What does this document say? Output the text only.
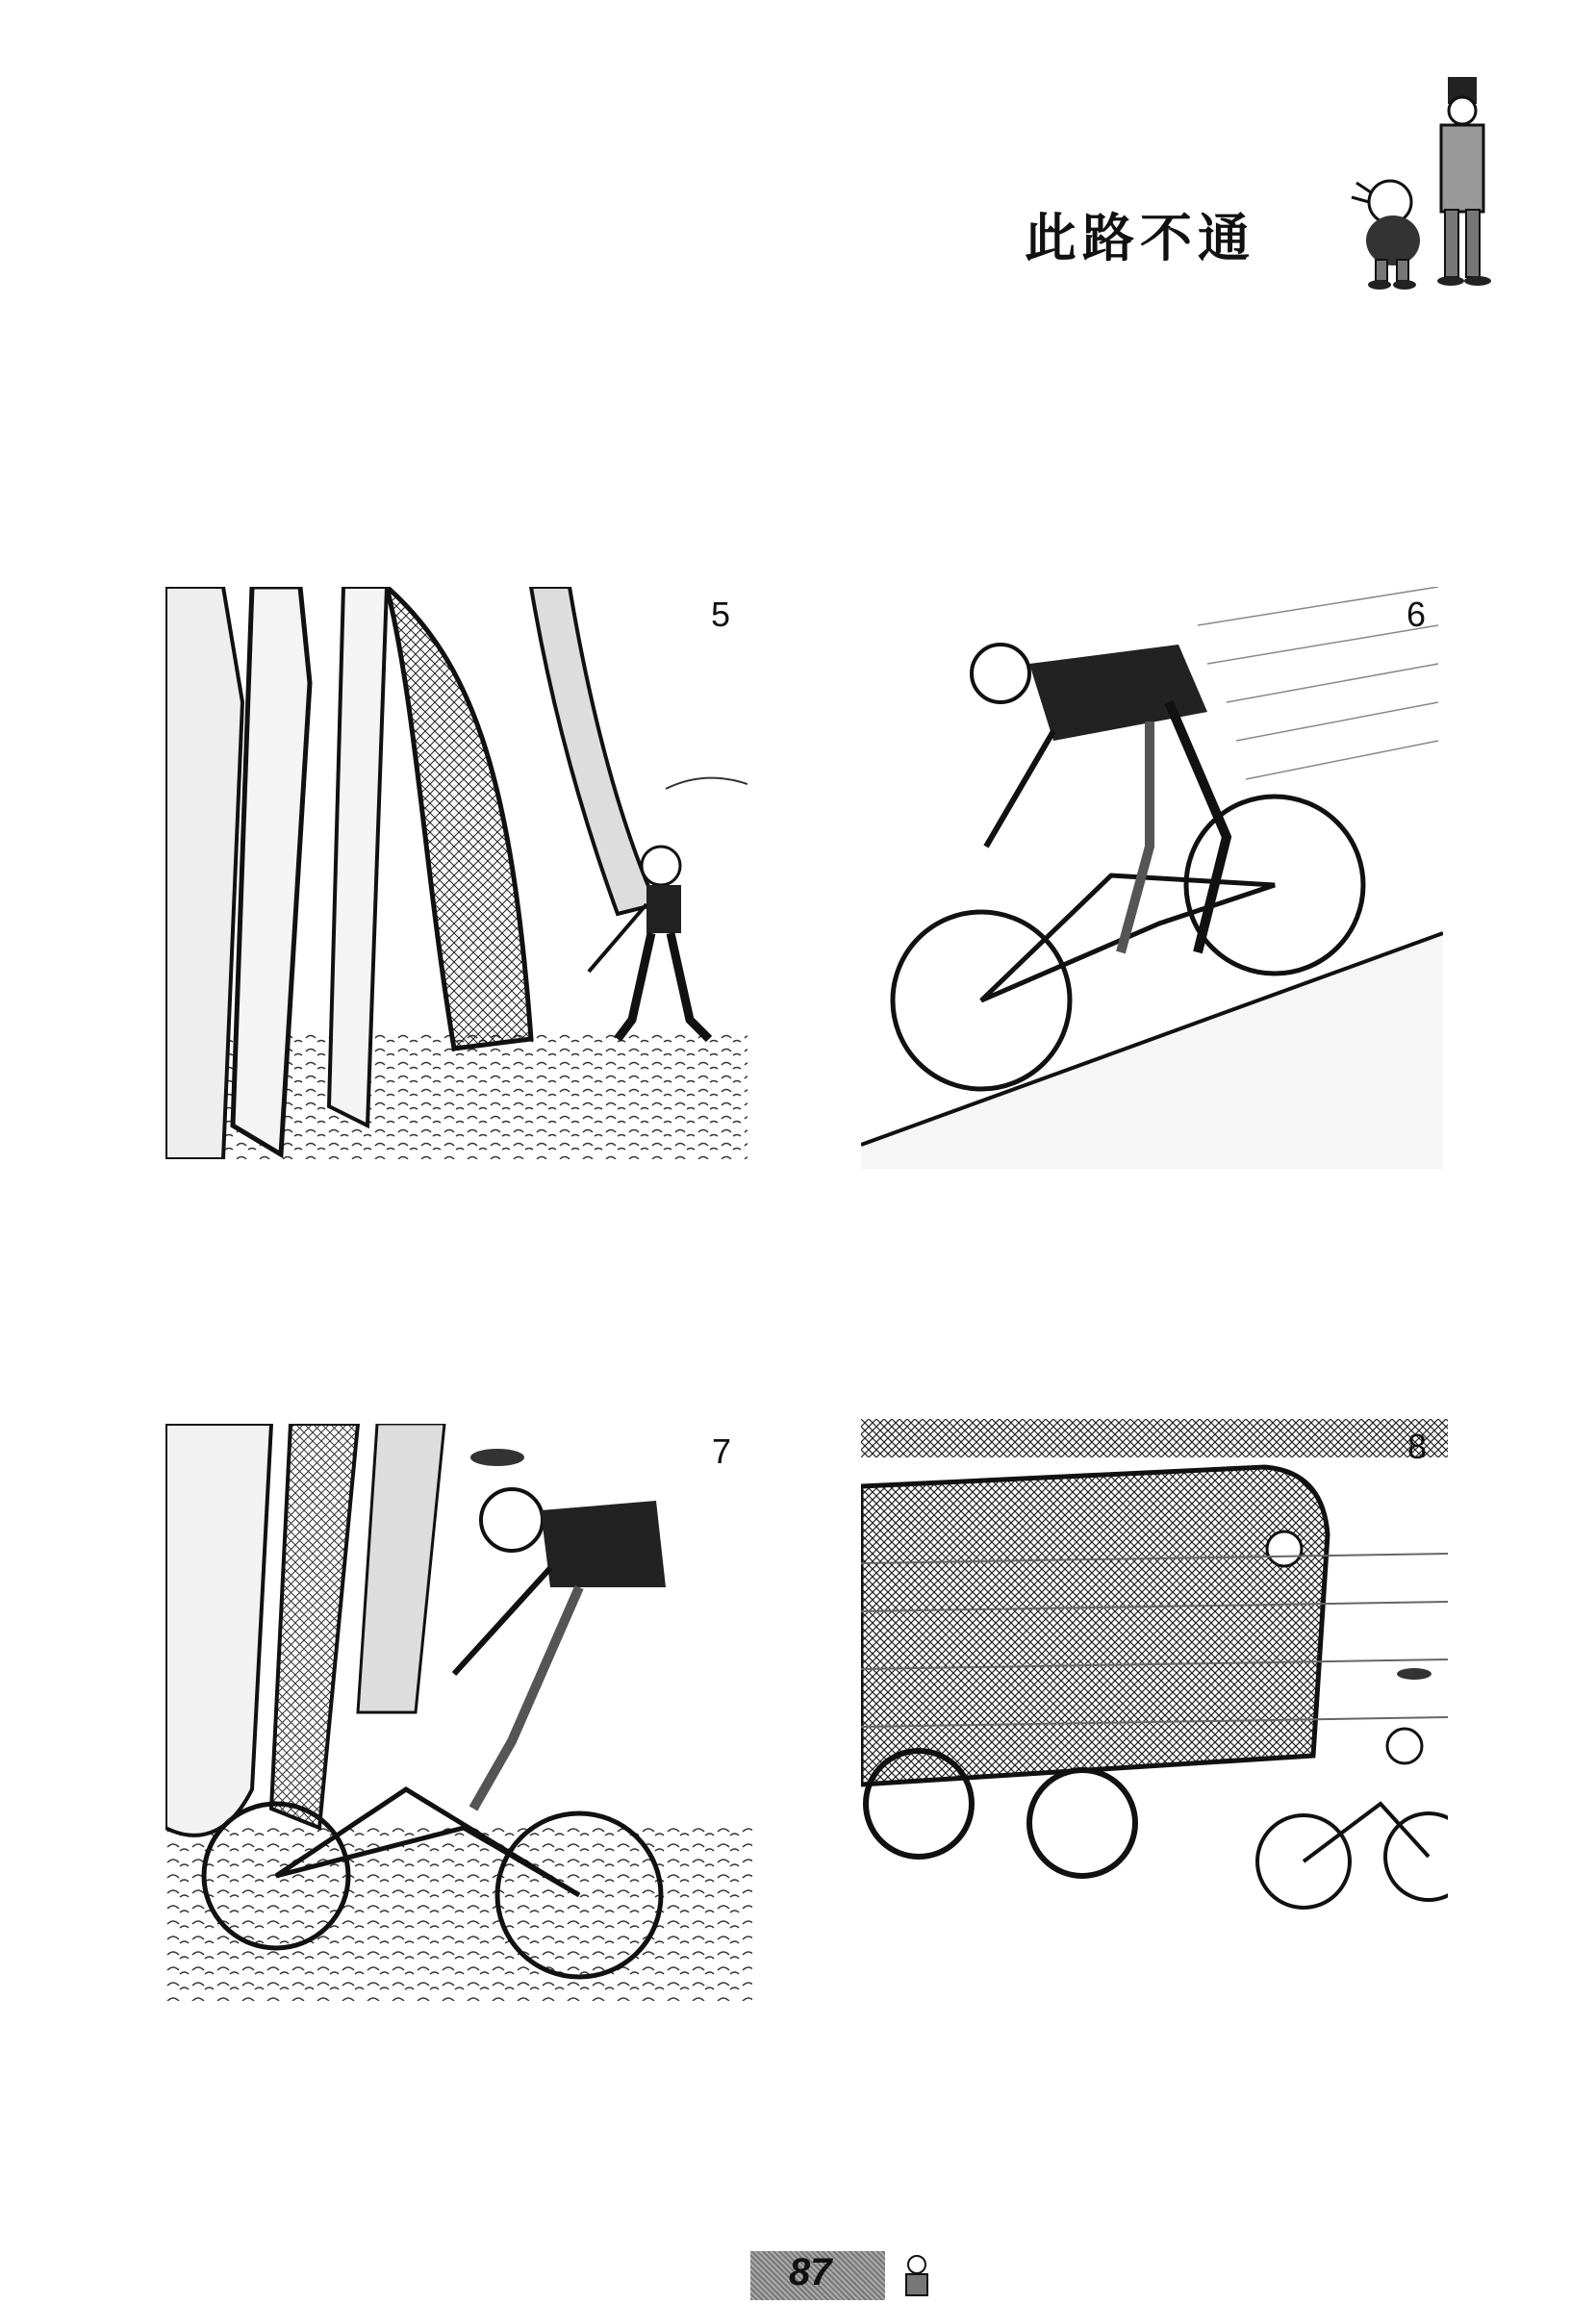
此路不通
5	6
7	8
87
